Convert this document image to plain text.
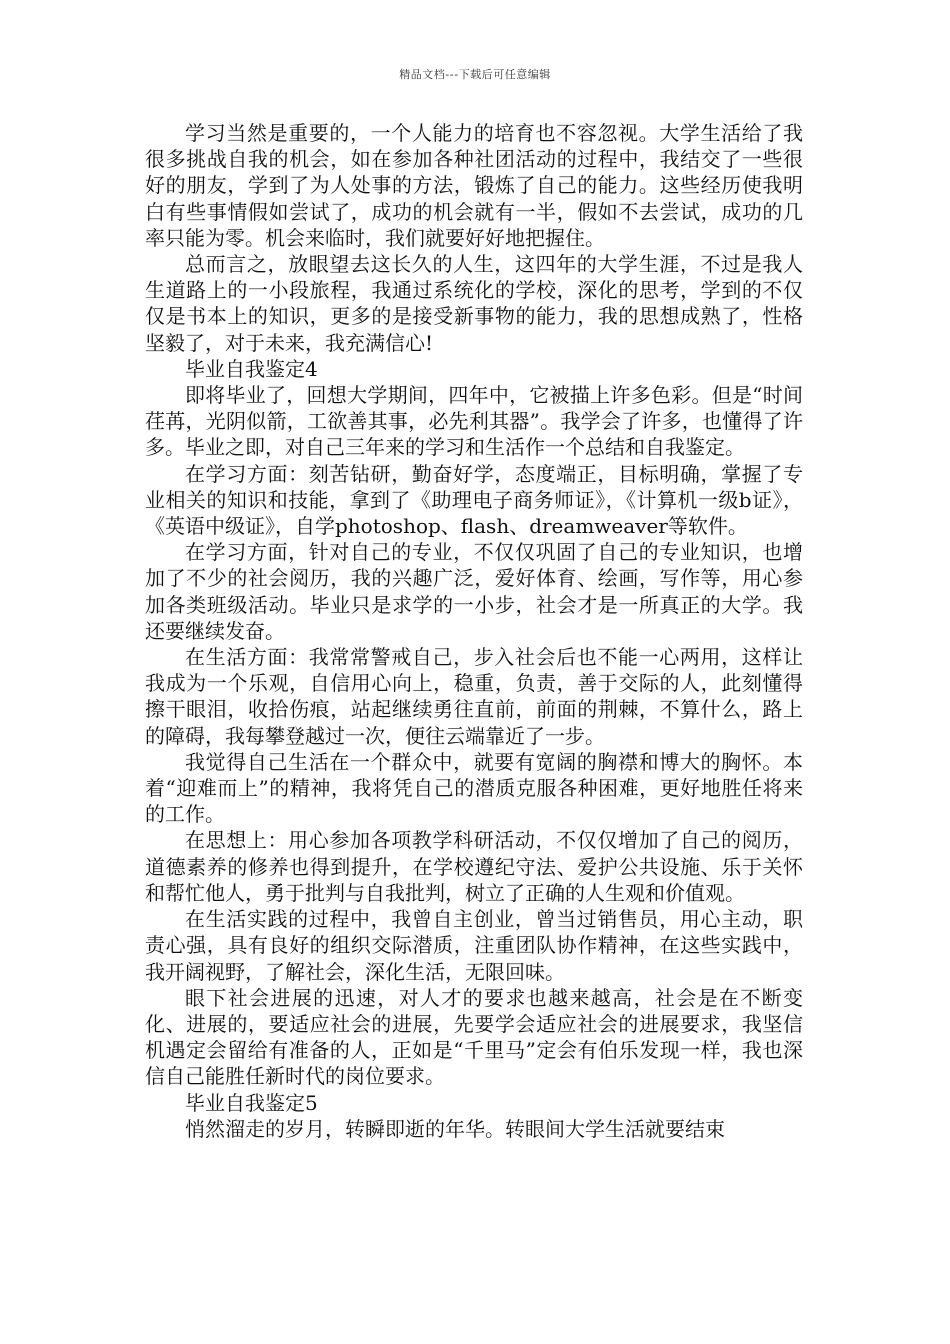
精品文档---下载后可任意编辑

学习当然是重要的，一个人能力的培育也不容忽视。大学生活给了我很多挑战自我的机会，如在参加各种社团活动的过程中，我结交了一些很好的朋友，学到了为人处事的方法，锻炼了自己的能力。这些经历使我明白有些事情假如尝试了，成功的机会就有一半，假如不去尝试，成功的几率只能为零。机会来临时，我们就要好好地把握住。

总而言之，放眼望去这长久的人生，这四年的大学生涯，不过是我人生道路上的一小段旅程，我通过系统化的学校，深化的思考，学到的不仅仅是书本上的知识，更多的是接受新事物的能力，我的思想成熟了，性格坚毅了，对于未来，我充满信心!

毕业自我鉴定4

即将毕业了，回想大学期间，四年中，它被描上许多色彩。但是“时间荏苒，光阴似箭，工欲善其事，必先利其器”。我学会了许多，也懂得了许多。毕业之即，对自己三年来的学习和生活作一个总结和自我鉴定。

在学习方面：刻苦钻研，勤奋好学，态度端正，目标明确，掌握了专业相关的知识和技能，拿到了《助理电子商务师证》，《计算机一级b证》，《英语中级证》，自学photoshop、flash、dreamweaver等软件。

在学习方面，针对自己的专业，不仅仅巩固了自己的专业知识，也增加了不少的社会阅历，我的兴趣广泛，爱好体育、绘画，写作等，用心参加各类班级活动。毕业只是求学的一小步，社会才是一所真正的大学。我还要继续发奋。

在生活方面：我常常警戒自己，步入社会后也不能一心两用，这样让我成为一个乐观，自信用心向上，稳重，负责，善于交际的人，此刻懂得擦干眼泪，收拾伤痕，站起继续勇往直前，前面的荆棘，不算什么，路上的障碍，我每攀登越过一次，便往云端靠近了一步。

我觉得自己生活在一个群众中，就要有宽阔的胸襟和博大的胸怀。本着“迎难而上”的精神，我将凭自己的潜质克服各种困难，更好地胜任将来的工作。

在思想上：用心参加各项教学科研活动，不仅仅增加了自己的阅历，道德素养的修养也得到提升，在学校遵纪守法、爱护公共设施、乐于关怀和帮忙他人，勇于批判与自我批判，树立了正确的人生观和价值观。

在生活实践的过程中，我曾自主创业，曾当过销售员，用心主动，职责心强，具有良好的组织交际潜质，注重团队协作精神，在这些实践中，我开阔视野，了解社会，深化生活，无限回味。

眼下社会进展的迅速，对人才的要求也越来越高，社会是在不断变化、进展的，要适应社会的进展，先要学会适应社会的进展要求，我坚信机遇定会留给有准备的人，正如是“千里马”定会有伯乐发现一样，我也深信自己能胜任新时代的岗位要求。

毕业自我鉴定5

悄然溜走的岁月，转瞬即逝的年华。转眼间大学生活就要结束
